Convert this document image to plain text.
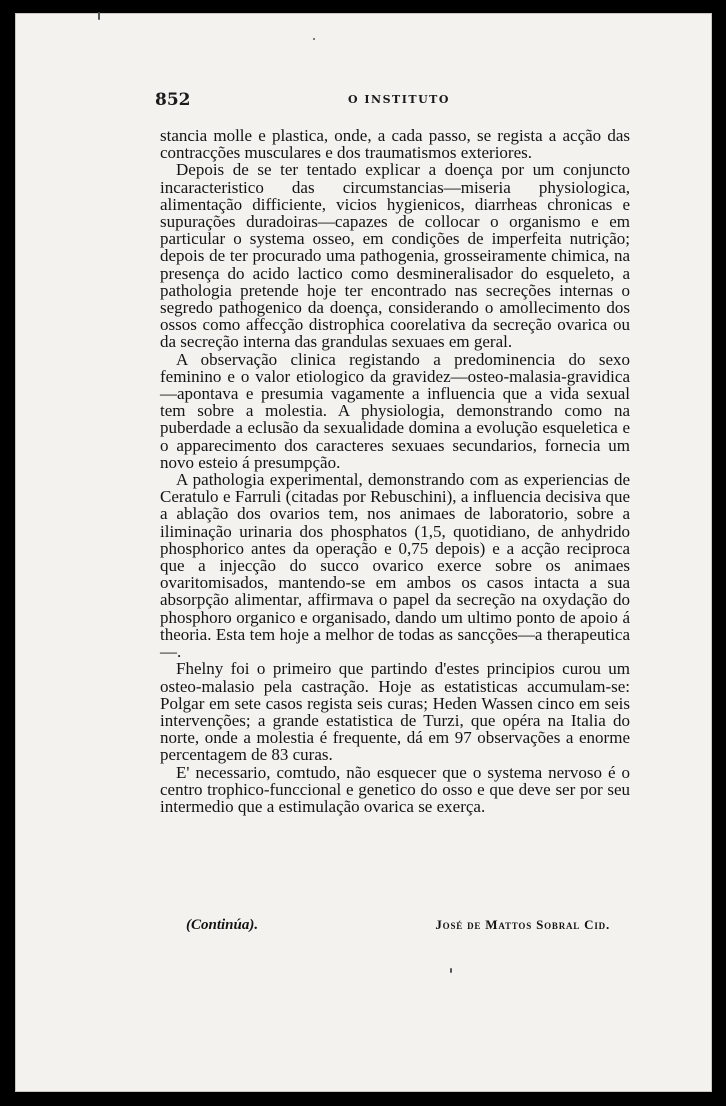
852	O INSTITUTO

stancia molle e plastica, onde, a cada passo, se regista a acção das contracções musculares e dos traumatismos exteriores.

Depois de se ter tentado explicar a doença por um conjuncto incaracteristico das circumstancias—miseria physiologica, alimentação difficiente, vicios hygienicos, diarrheas chronicas e supurações duradoiras—capazes de collocar o organismo e em particular o systema osseo, em condições de imperfeita nutrição; depois de ter procurado uma pathogenia, grosseiramente chimica, na presença do acido lactico como desmineralisador do esqueleto, a pathologia pretende hoje ter encontrado nas secreções internas o segredo pathogenico da doença, considerando o amollecimento dos ossos como affecção distrophica coorelativa da secreção ovarica ou da secreção interna das grandulas sexuaes em geral.

A observação clinica registando a predominencia do sexo feminino e o valor etiologico da gravidez—osteo-malasia-gravidica—apontava e presumia vagamente a influencia que a vida sexual tem sobre a molestia. A physiologia, demonstrando como na puberdade a eclusão da sexualidade domina a evolução esqueletica e o apparecimento dos caracteres sexuaes secundarios, fornecia um novo esteio á presumpção.

A pathologia experimental, demonstrando com as experiencias de Ceratulo e Farruli (citadas por Rebuschini), a influencia decisiva que a ablação dos ovarios tem, nos animaes de laboratorio, sobre a iliminação urinaria dos phosphatos (1,5, quotidiano, de anhydrido phosphorico antes da operação e 0,75 depois) e a acção reciproca que a injecção do succo ovarico exerce sobre os animaes ovaritomisados, mantendo-se em ambos os casos intacta a sua absorpção alimentar, affirmava o papel da secreção na oxydação do phosphoro organico e organisado, dando um ultimo ponto de apoio á theoria. Esta tem hoje a melhor de todas as sancções—a therapeutica—.

Fhelny foi o primeiro que partindo d'estes principios curou um osteo-malasio pela castração. Hoje as estatisticas accumulam-se: Polgar em sete casos regista seis curas; Heden Wassen cinco em seis intervenções; a grande estatistica de Turzi, que opéra na Italia do norte, onde a molestia é frequente, dá em 97 observações a enorme percentagem de 83 curas.

E' necessario, comtudo, não esquecer que o systema nervoso é o centro trophico-funccional e genetico do osso e que deve ser por seu intermedio que a estimulação ovarica se exerça.

(Continúa).	José de Mattos Sobral Cid.
